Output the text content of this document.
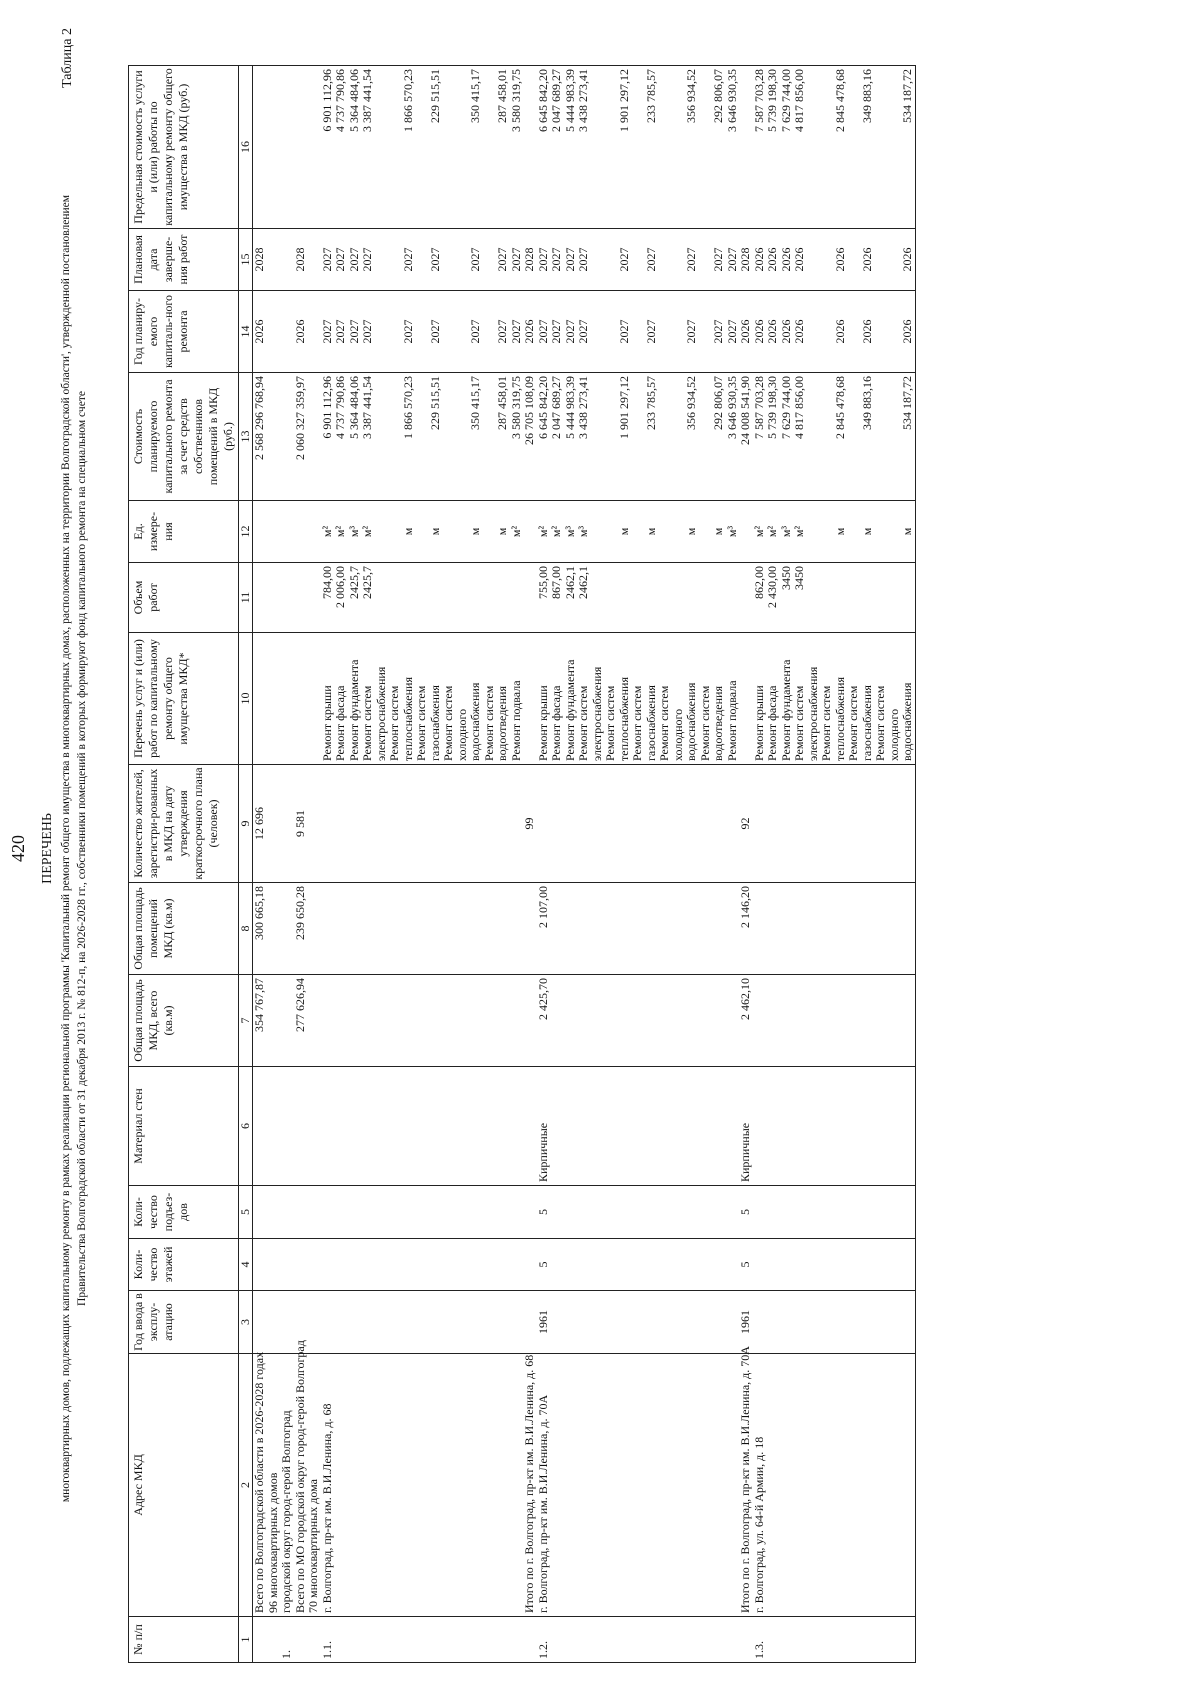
Таблица 2
420 ПЕРЕЧЕНЬ многоквартирных домов, подлежащих капитальному ремонту в рамках реализации региональной программы 'Капитальный ремонт общего имущества в многоквартирных домах, расположенных на территории Волгоградской области', утвержденной постановлением Правительства Волгоградской области от 31 декабря 2013 г. № 812-п, на 2026-2028 гг., собственники помещений в которых формируют фонд капитального ремонта на специальном счете
№ п/п	Адрес МКД	Год ввода в эксплу-атацию	Коли-чество этажей	Коли-чество подъез-дов	Материал стен	Общая площадь МКД, всего (кв.м)	Общая площадь помещений МКД (кв.м)	Количество жителей, зарегистри-рованных в МКД на дату утверждения краткосрочного плана (человек)	Перечень услуг и (или) работ по капитальному ремонту общего имущества МКД*	Объем работ	Ед. измере-ния	Стоимость планируемого капитального ремонта за счет средств собственников помещений в МКД (руб.)	Год планиру-емого капиталь-ного ремонта	Плановая дата заверше-ния работ	Предельная стоимость услуги и (или) работы по капитальному ремонту общего имущества в МКД (руб.)
1	2	3	4	5	6	7	8	9	10	11	12	13	14	15	16
	Всего по Волгоградской области в 2026-2028 годах					354 767,87	300 665,18	12 696				2 568 296 768,94	2026	2028	
	96 многоквартирных домов														
1.	городской округ город-герой Волгоград														
	Всего по МО городской округ город-герой Волгоград					277 626,94	239 650,28	9 581				2 060 327 359,97	2026	2028	
	70 многоквартирных дома														
1.1.	г. Волгоград, пр-кт им. В.И.Ленина, д. 68								Ремонт крыши	784,00	м²	6 901 112,96	2027	2027	6 901 112,96
									Ремонт фасада	2 006,00	м²	4 737 790,86	2027	2027	4 737 790,86
									Ремонт фундамента	2425,7	м³	5 364 484,06	2027	2027	5 364 484,06
									Ремонт систем	2425,7	м²	3 387 441,54	2027	2027	3 387 441,54
									электроснабжения						
									Ремонт систем						
									теплоснабжения		м	1 866 570,23	2027	2027	1 866 570,23
									Ремонт систем						
									газоснабжения		м	229 515,51	2027	2027	229 515,51
									Ремонт систем						
									холодного						
									водоснабжения		м	350 415,17	2027	2027	350 415,17
									Ремонт систем						
									водоотведения		м	287 458,01	2027	2027	287 458,01
									Ремонт подвала		м²	3 580 319,75	2027	2027	3 580 319,75
	Итого по г. Волгоград, пр-кт им. В.И.Ленина, д. 68							99				26 705 108,09	2026	2028	
1.2.	г. Волгоград, пр-кт им. В.И.Ленина, д. 70А	1961	5	5	Кирпичные	2 425,70	2 107,00		Ремонт крыши	755,00	м²	6 645 842,20	2027	2027	6 645 842,20
									Ремонт фасада	867,00	м²	2 047 689,27	2027	2027	2 047 689,27
									Ремонт фундамента	2462,1	м³	5 444 983,39	2027	2027	5 444 983,39
									Ремонт систем	2462,1	м³	3 438 273,41	2027	2027	3 438 273,41
									электроснабжения						
									Ремонт систем						
									теплоснабжения		м	1 901 297,12	2027	2027	1 901 297,12
									Ремонт систем						
									газоснабжения		м	233 785,57	2027	2027	233 785,57
									Ремонт систем						
									холодного						
									водоснабжения		м	356 934,52	2027	2027	356 934,52
									Ремонт систем						
									водоотведения		м	292 806,07	2027	2027	292 806,07
									Ремонт подвала		м³	3 646 930,35	2027	2027	3 646 930,35
	Итого по г. Волгоград, пр-кт им. В.И.Ленина, д. 70А	1961	5	5	Кирпичные	2 462,10	2 146,20	92				24 008 541,90	2026	2028	
1.3.	г. Волгоград, ул. 64-й Армии, д. 18								Ремонт крыши	862,00	м²	7 587 703,28	2026	2026	7 587 703,28
									Ремонт фасада	2 430,00	м²	5 739 198,30	2026	2026	5 739 198,30
									Ремонт фундамента	3450	м³	7 629 744,00	2026	2026	7 629 744,00
									Ремонт систем	3450	м²	4 817 856,00	2026	2026	4 817 856,00
									электроснабжения						
									Ремонт систем						
									теплоснабжения		м	2 845 478,68	2026	2026	2 845 478,68
									Ремонт систем						
									газоснабжения		м	349 883,16	2026	2026	349 883,16
									Ремонт систем						
									холодного						
									водоснабжения		м	534 187,72	2026	2026	534 187,72
